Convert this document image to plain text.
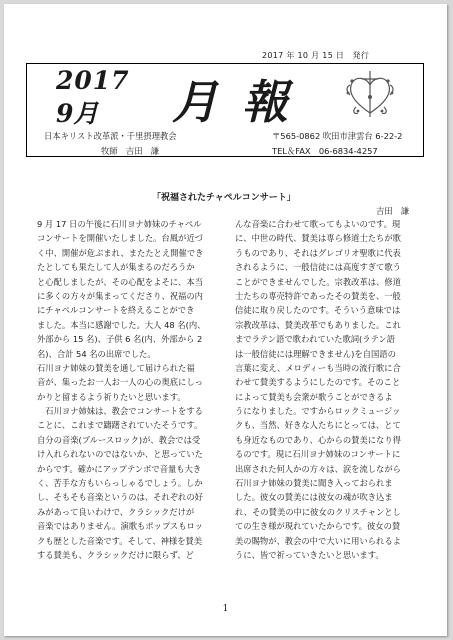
2017 年 10 月 15 日　発行
2017
9月 月報
日本キリスト改革派・千里摂理教会
牧師　吉田　謙
〒565-0862 吹田市津雲台 6-22-2
TEL＆FAX　06-6834-4257
「祝福されたチャペルコンサート」
吉田　謙
9 月 17 日の午後に石川ヨナ姉妹のチャペル
コンサートを開催いたしました。台風が近づ
く中、開催が危ぶまれ、またたとえ開催でき
たとしても果たして人が集まるのだろうか
と心配しましたが、その心配をよそに、本当
に多くの方々が集まってくださり、祝福の内
にチャペルコンサートを終えることができ
ました。本当に感謝でした。大人 48 名(内、
外部から 15 名)、子供 6 名(内、外部から 2
名)、合計 54 名の出席でした。
石川ヨナ姉妹の賛美を通して届けられた福
音が、集ったお一人お一人の心の奥底にしっ
かりと留まるよう祈りたいと思います。
　石川ヨナ姉妹は、教会でコンサートをする
ことに、これまで躊躇されていたそうです。
自分の音楽(ブルースロック)が、教会では受
け入れられないのではないか、と思っていた
からです。確かにアップテンポで音量も大き
く、苦手な方もいらっしゃるでしょう。しか
し、そもそも音楽というのは、それぞれの好
みがあって良いわけで、クラシックだけが
音楽ではありません。演歌もポップスもロッ
クも歴とした音楽です。そして、神様を賛美
する賛美も、クラシックだけに限らず、ど
んな音楽に合わせて歌ってもよいのです。現
に、中世の時代、賛美は専ら修道士たちが歌
うものであり、それはグレゴリオ聖歌に代表
されるように、一般信徒には高度すぎて歌う
ことができませんでした。宗教改革は、修道
士たちの専売特許であったその賛美を、一般
信徒に取り戻したのです。そういう意味では
宗教改革は、賛美改革でもありました。これ
までラテン語で歌われていた歌詞(ラテン語
は一般信徒には理解できません)を自国語の
言葉に変え、メロディーも当時の流行歌に合
わせて賛美するようにしたのです。そのこと
によって賛美も会衆が歌うことができるよ
うになりました。ですからロックミュージッ
クも、当然、好きな人たちにとっては、とて
も身近なものであり、心からの賛美になり得
るのです。現に石川ヨナ姉妹のコンサートに
出席された何人かの方々は、涙を流しながら
石川ヨナ姉妹の賛美に聞き入っておられま
した。彼女の賛美には彼女の魂が吹き込ま
れ、その賛美の中に彼女のクリスチャンとし
ての生き様が現れていたからです。彼女の賛
美の賜物が、教会の中で大いに用いられるよ
うに、皆で祈っていきたいと思います。
1
